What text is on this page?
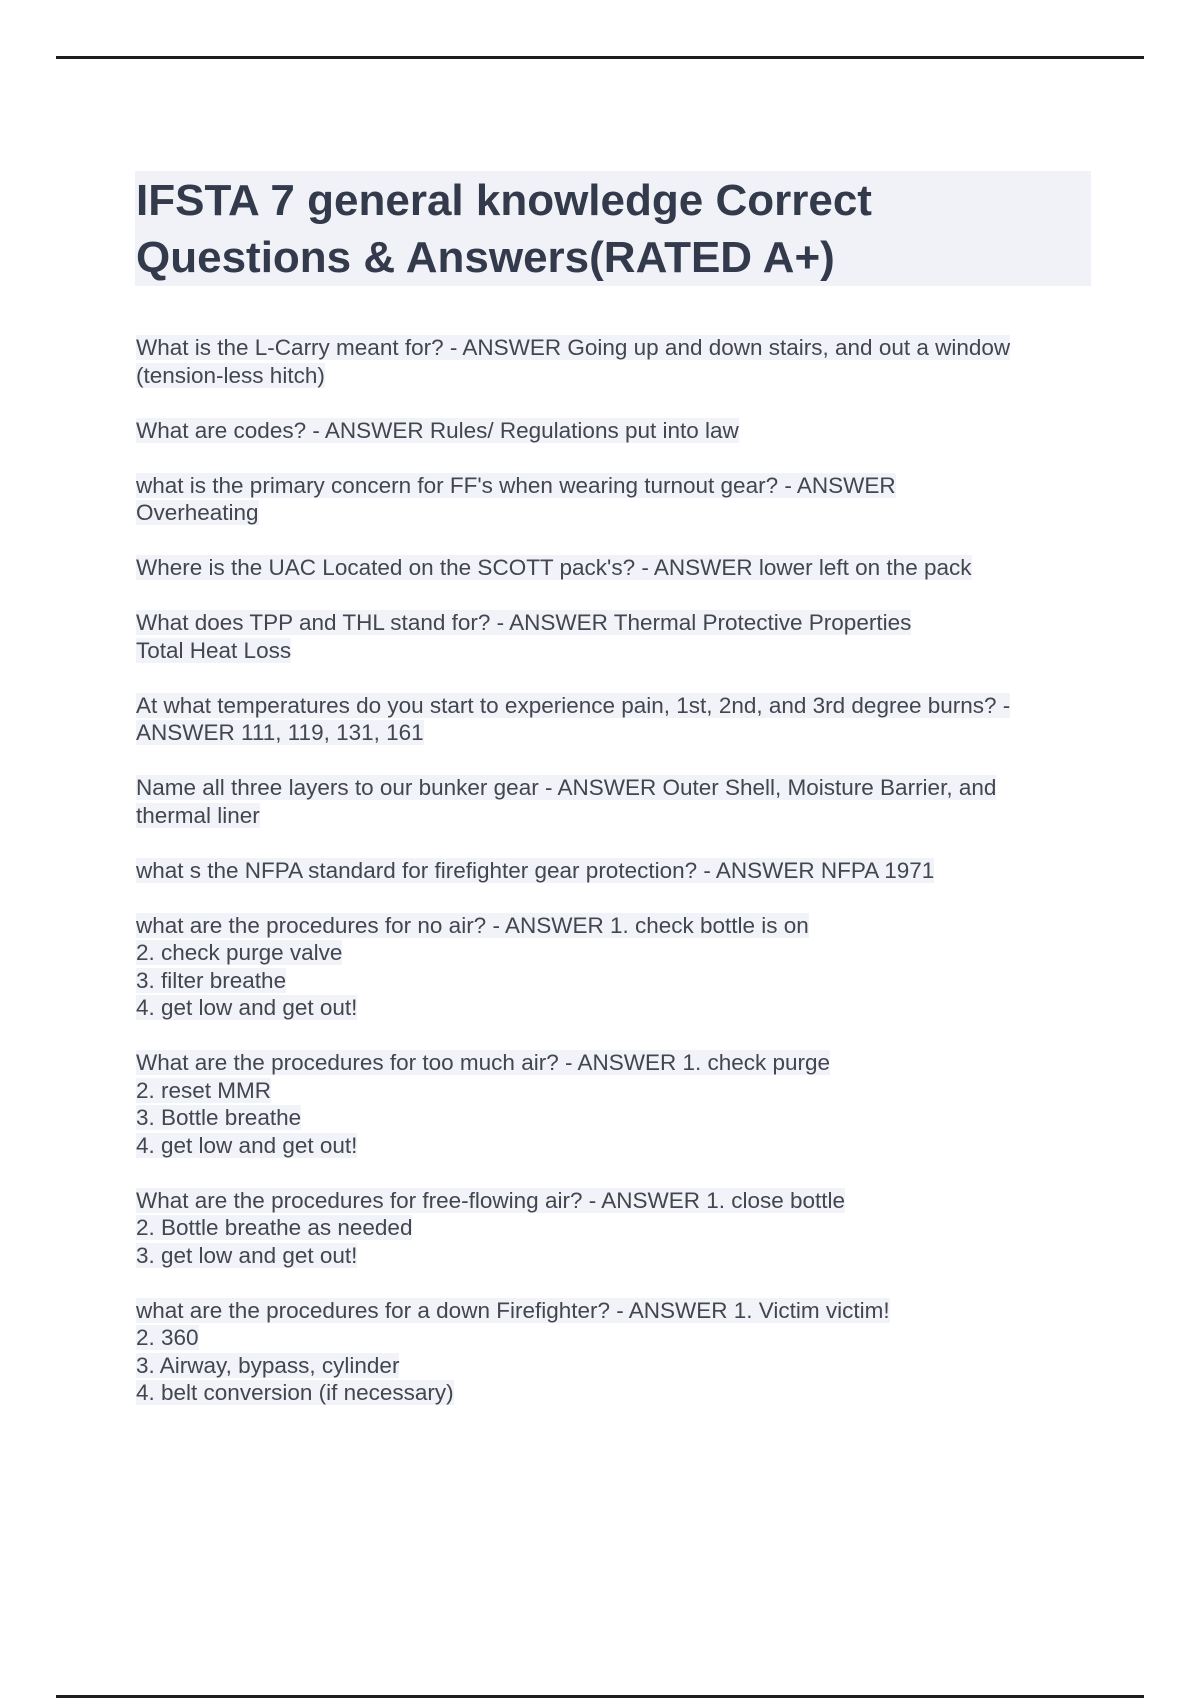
IFSTA 7 general knowledge Correct
Questions & Answers(RATED A+)

What is the L-Carry meant for? - ANSWER Going up and down stairs, and out a window
(tension-less hitch)

What are codes? - ANSWER Rules/ Regulations put into law

what is the primary concern for FF's when wearing turnout gear? - ANSWER
Overheating

Where is the UAC Located on the SCOTT pack's? - ANSWER lower left on the pack

What does TPP and THL stand for? - ANSWER Thermal Protective Properties
Total Heat Loss

At what temperatures do you start to experience pain, 1st, 2nd, and 3rd degree burns? -
ANSWER 111, 119, 131, 161

Name all three layers to our bunker gear - ANSWER Outer Shell, Moisture Barrier, and
thermal liner

what s the NFPA standard for firefighter gear protection? - ANSWER NFPA 1971

what are the procedures for no air? - ANSWER 1. check bottle is on
2. check purge valve
3. filter breathe
4. get low and get out!

What are the procedures for too much air? - ANSWER 1. check purge
2. reset MMR
3. Bottle breathe
4. get low and get out!

What are the procedures for free-flowing air? - ANSWER 1. close bottle
2. Bottle breathe as needed
3. get low and get out!

what are the procedures for a down Firefighter? - ANSWER 1. Victim victim!
2. 360
3. Airway, bypass, cylinder
4. belt conversion (if necessary)
